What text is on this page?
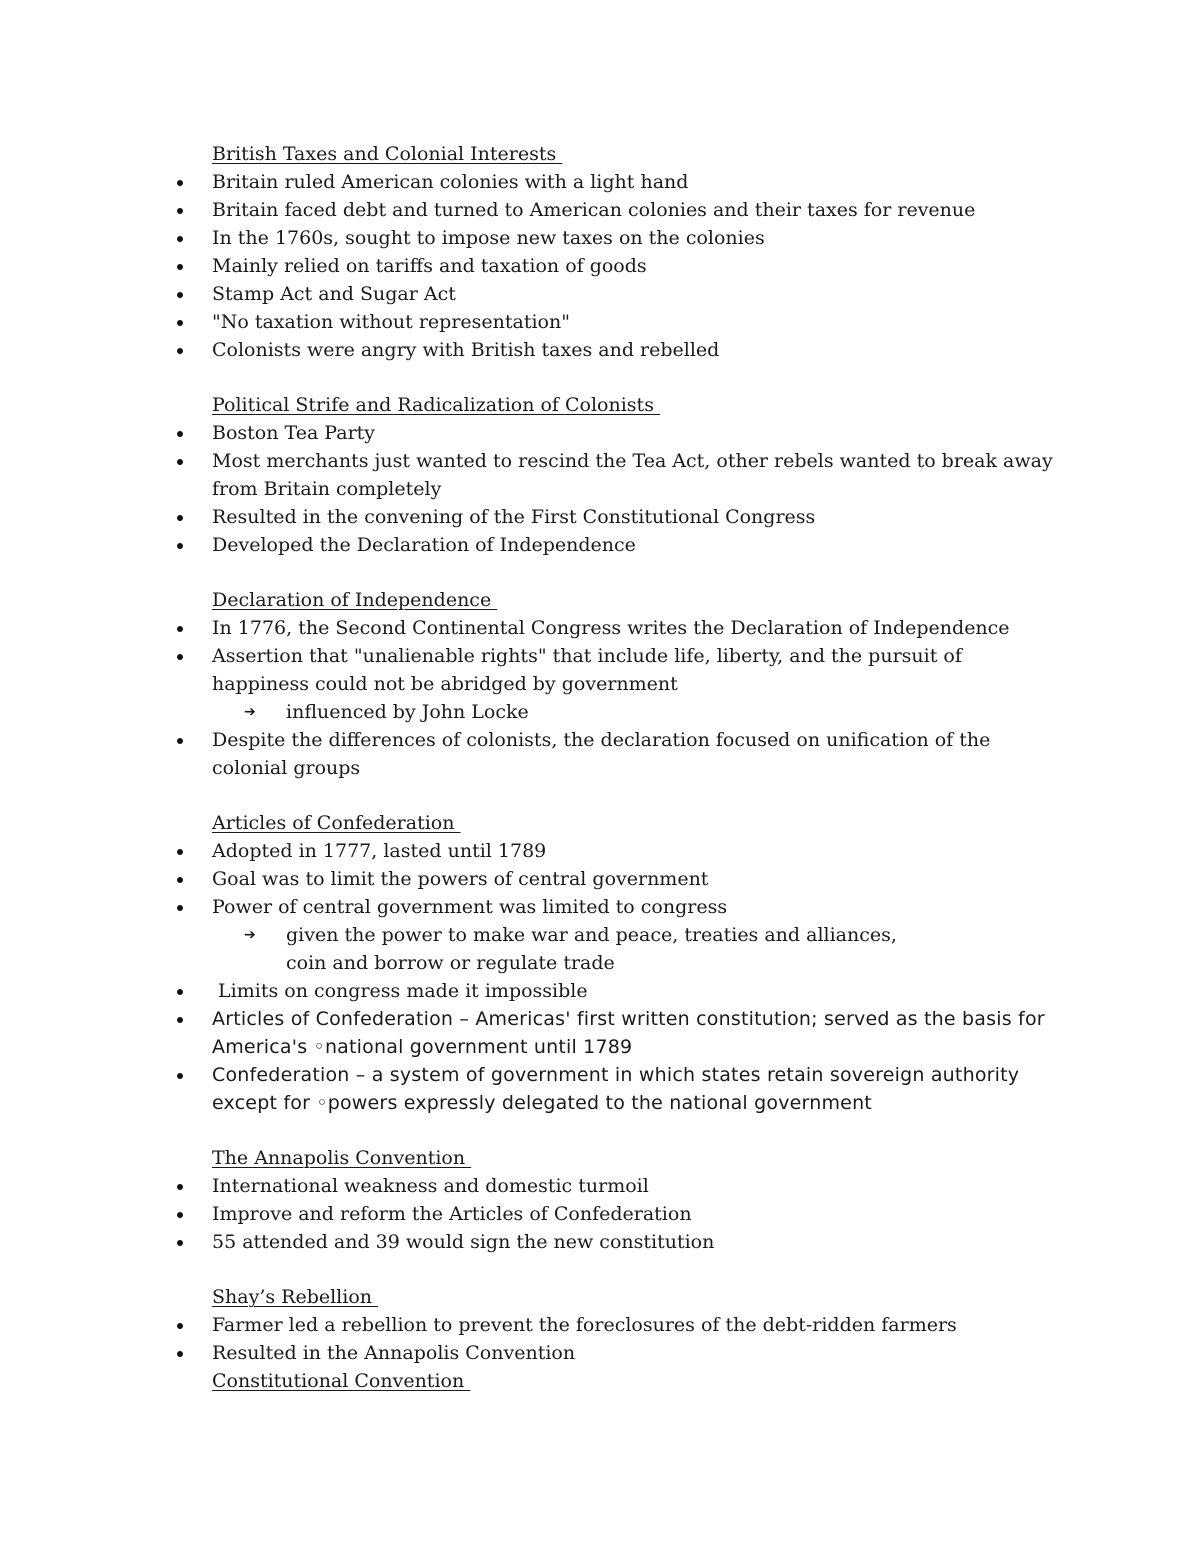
British Taxes and Colonial Interests
Britain ruled American colonies with a light hand
Britain faced debt and turned to American colonies and their taxes for revenue
In the 1760s, sought to impose new taxes on the colonies
Mainly relied on tariffs and taxation of goods
Stamp Act and Sugar Act
"No taxation without representation"
Colonists were angry with British taxes and rebelled
Political Strife and Radicalization of Colonists
Boston Tea Party
Most merchants just wanted to rescind the Tea Act, other rebels wanted to break away from Britain completely
Resulted in the convening of the First Constitutional Congress
Developed the Declaration of Independence
Declaration of Independence
In 1776, the Second Continental Congress writes the Declaration of Independence
Assertion that "unalienable rights" that include life, liberty, and the pursuit of happiness could not be abridged by government
➔ influenced by John Locke
Despite the differences of colonists, the declaration focused on unification of the colonial groups
Articles of Confederation
Adopted in 1777, lasted until 1789
Goal was to limit the powers of central government
Power of central government was limited to congress
➔ given the power to make war and peace, treaties and alliances, coin and borrow or regulate trade
Limits on congress made it impossible
Articles of Confederation – Americas' first written constitution; served as the basis for America's ◦national government until 1789
Confederation – a system of government in which states retain sovereign authority except for ◦powers expressly delegated to the national government
The Annapolis Convention
International weakness and domestic turmoil
Improve and reform the Articles of Confederation
55 attended and 39 would sign the new constitution
Shay’s Rebellion
Farmer led a rebellion to prevent the foreclosures of the debt-ridden farmers
Resulted in the Annapolis Convention
Constitutional Convention
